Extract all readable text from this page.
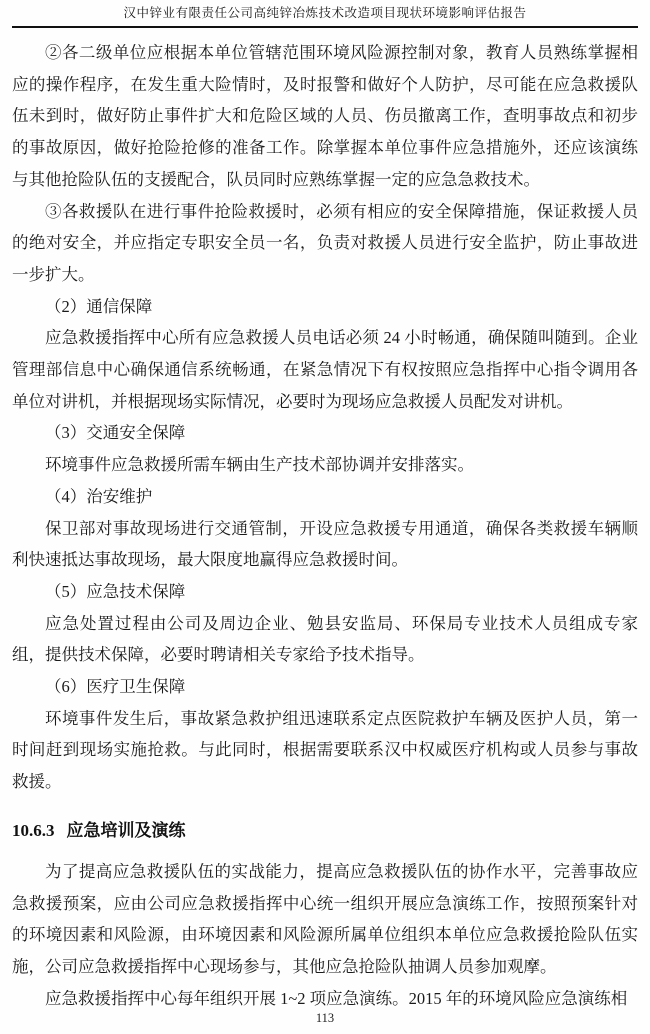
汉中锌业有限责任公司高纯锌冶炼技术改造项目现状环境影响评估报告

②各二级单位应根据本单位管辖范围环境风险源控制对象，教育人员熟练掌握相应的操作程序，在发生重大险情时，及时报警和做好个人防护，尽可能在应急救援队伍未到时，做好防止事件扩大和危险区域的人员、伤员撤离工作，查明事故点和初步的事故原因，做好抢险抢修的准备工作。除掌握本单位事件应急措施外，还应该演练与其他抢险队伍的支援配合，队员同时应熟练掌握一定的应急急救技术。

③各救援队在进行事件抢险救援时，必须有相应的安全保障措施，保证救援人员的绝对安全，并应指定专职安全员一名，负责对救援人员进行安全监护，防止事故进一步扩大。

（2）通信保障

应急救援指挥中心所有应急救援人员电话必须 24 小时畅通，确保随叫随到。企业管理部信息中心确保通信系统畅通，在紧急情况下有权按照应急指挥中心指令调用各单位对讲机，并根据现场实际情况，必要时为现场应急救援人员配发对讲机。

（3）交通安全保障

环境事件应急救援所需车辆由生产技术部协调并安排落实。

（4）治安维护

保卫部对事故现场进行交通管制，开设应急救援专用通道，确保各类救援车辆顺利快速抵达事故现场，最大限度地赢得应急救援时间。

（5）应急技术保障

应急处置过程由公司及周边企业、勉县安监局、环保局专业技术人员组成专家组，提供技术保障，必要时聘请相关专家给予技术指导。

（6）医疗卫生保障

环境事件发生后，事故紧急救护组迅速联系定点医院救护车辆及医护人员，第一时间赶到现场实施抢救。与此同时，根据需要联系汉中权威医疗机构或人员参与事故救援。

10.6.3 应急培训及演练

为了提高应急救援队伍的实战能力，提高应急救援队伍的协作水平，完善事故应急救援预案，应由公司应急救援指挥中心统一组织开展应急演练工作，按照预案针对的环境因素和风险源，由环境因素和风险源所属单位组织本单位应急救援抢险队伍实施，公司应急救援指挥中心现场参与，其他应急抢险队抽调人员参加观摩。

应急救援指挥中心每年组织开展 1~2 项应急演练。2015 年的环境风险应急演练相

113
